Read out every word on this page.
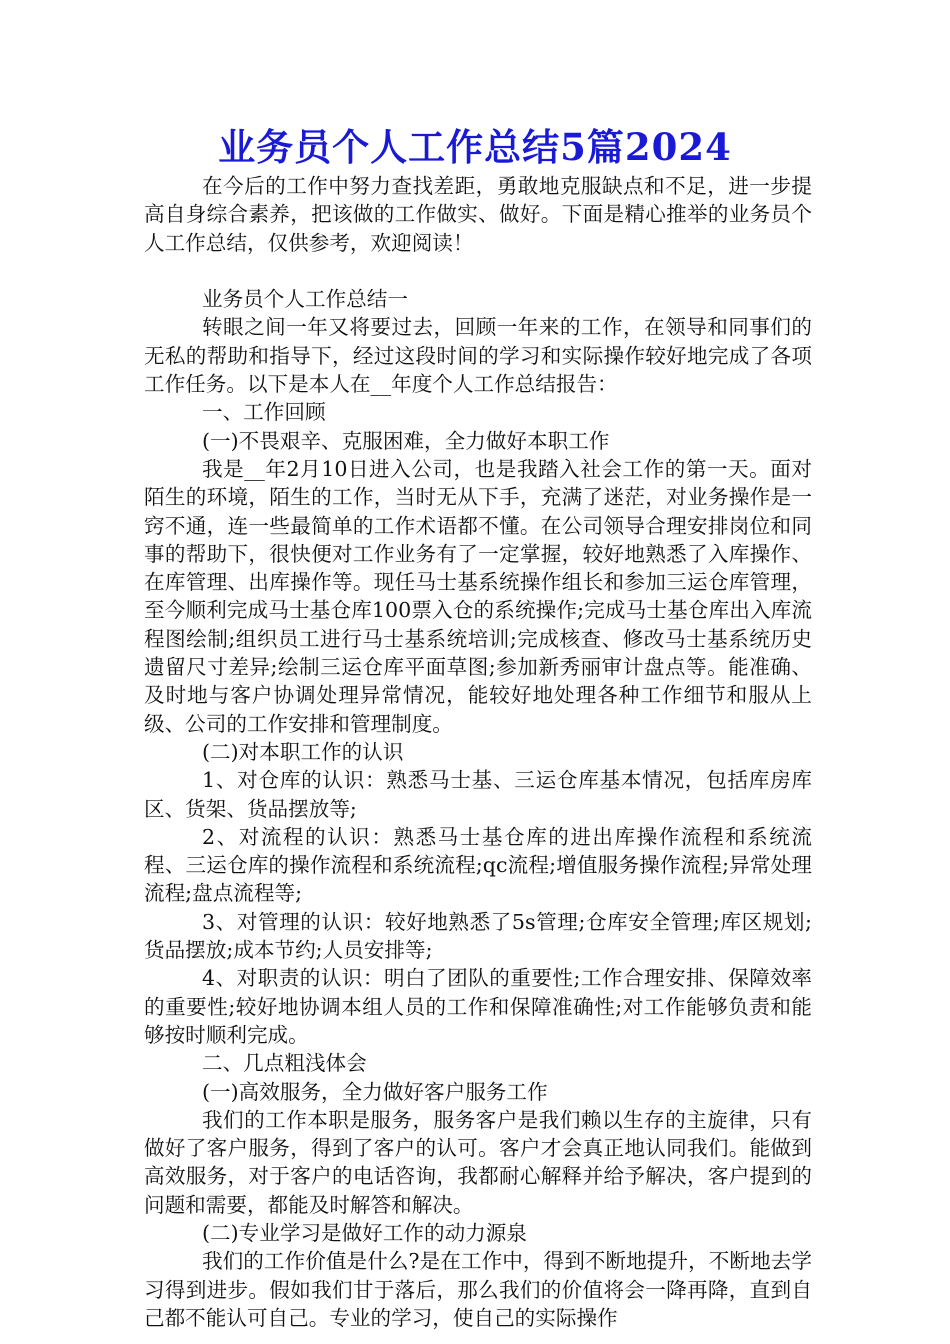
业务员个人工作总结5篇2024

在今后的工作中努力查找差距，勇敢地克服缺点和不足，进一步提高自身综合素养，把该做的工作做实、做好。下面是精心推举的业务员个人工作总结，仅供参考，欢迎阅读！

业务员个人工作总结一

转眼之间一年又将要过去，回顾一年来的工作，在领导和同事们的无私的帮助和指导下，经过这段时间的学习和实际操作较好地完成了各项工作任务。以下是本人在__年度个人工作总结报告：

一、工作回顾

(一)不畏艰辛、克服困难，全力做好本职工作

我是__年2月10日进入公司，也是我踏入社会工作的第一天。面对陌生的环境，陌生的工作，当时无从下手，充满了迷茫，对业务操作是一窍不通，连一些最简单的工作术语都不懂。在公司领导合理安排岗位和同事的帮助下，很快便对工作业务有了一定掌握，较好地熟悉了入库操作、在库管理、出库操作等。现任马士基系统操作组长和参加三运仓库管理，至今顺利完成马士基仓库100票入仓的系统操作;完成马士基仓库出入库流程图绘制;组织员工进行马士基系统培训;完成核查、修改马士基系统历史遗留尺寸差异;绘制三运仓库平面草图;参加新秀丽审计盘点等。能准确、及时地与客户协调处理异常情况，能较好地处理各种工作细节和服从上级、公司的工作安排和管理制度。

(二)对本职工作的认识

1、对仓库的认识：熟悉马士基、三运仓库基本情况，包括库房库区、货架、货品摆放等;

2、对流程的认识：熟悉马士基仓库的进出库操作流程和系统流程、三运仓库的操作流程和系统流程;qc流程;增值服务操作流程;异常处理流程;盘点流程等;

3、对管理的认识：较好地熟悉了5s管理;仓库安全管理;库区规划;货品摆放;成本节约;人员安排等;

4、对职责的认识：明白了团队的重要性;工作合理安排、保障效率的重要性;较好地协调本组人员的工作和保障准确性;对工作能够负责和能够按时顺利完成。

二、几点粗浅体会

(一)高效服务，全力做好客户服务工作

我们的工作本职是服务，服务客户是我们赖以生存的主旋律，只有做好了客户服务，得到了客户的认可。客户才会真正地认同我们。能做到高效服务，对于客户的电话咨询，我都耐心解释并给予解决，客户提到的问题和需要，都能及时解答和解决。

(二)专业学习是做好工作的动力源泉

我们的工作价值是什么?是在工作中，得到不断地提升，不断地去学习得到进步。假如我们甘于落后，那么我们的价值将会一降再降，直到自己都不能认可自己。专业的学习，使自己的实际操作
